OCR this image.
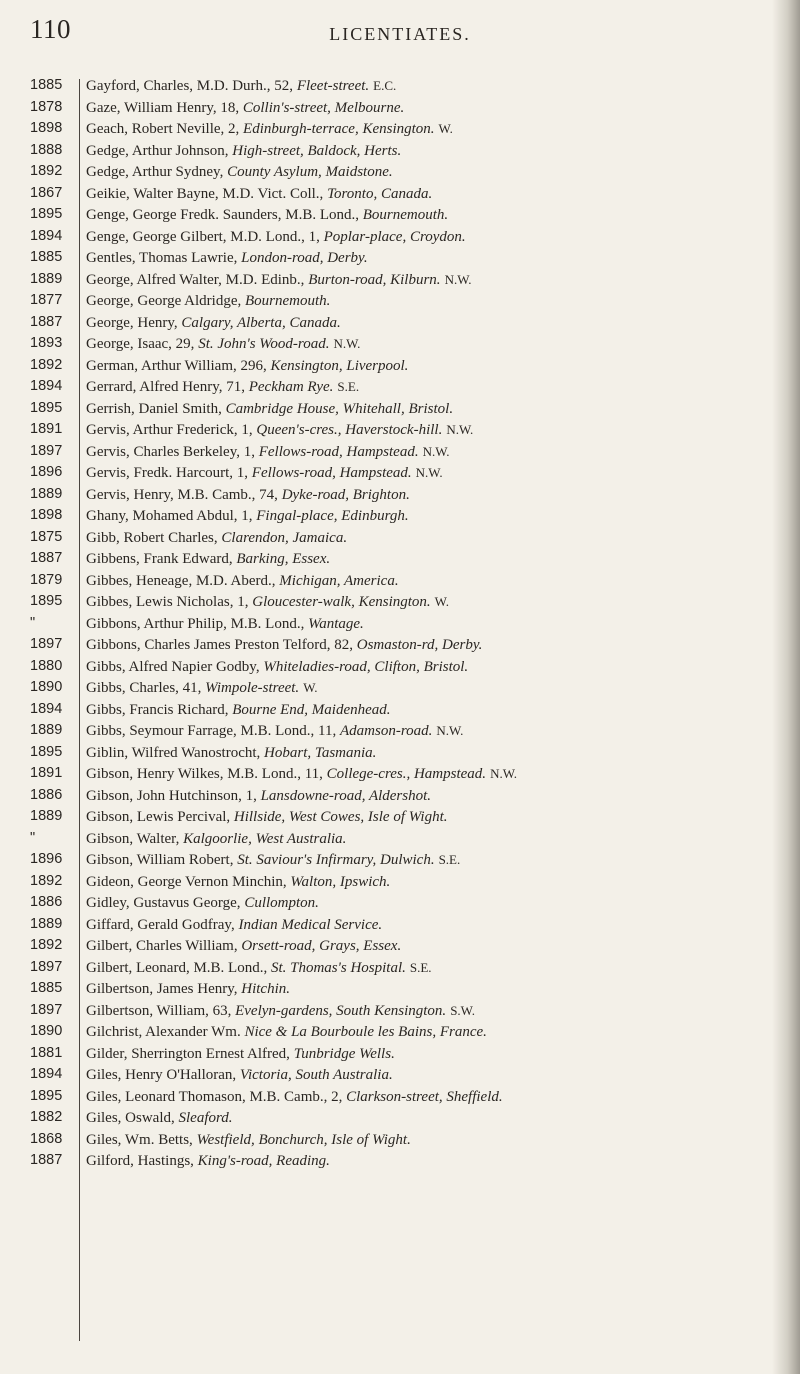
110	LICENTIATES.
1885	Gayford, Charles, M.D. Durh., 52, Fleet-street. E.C.
1878	Gaze, William Henry, 18, Collin's-street, Melbourne.
1898	Geach, Robert Neville, 2, Edinburgh-terrace, Kensington. W.
1888	Gedge, Arthur Johnson, High-street, Baldock, Herts.
1892	Gedge, Arthur Sydney, County Asylum, Maidstone.
1867	Geikie, Walter Bayne, M.D. Vict. Coll., Toronto, Canada.
1895	Genge, George Fredk. Saunders, M.B. Lond., Bournemouth.
1894	Genge, George Gilbert, M.D. Lond., 1, Poplar-place, Croydon.
1885	Gentles, Thomas Lawrie, London-road, Derby.
1889	George, Alfred Walter, M.D. Edinb., Burton-road, Kilburn. N.W.
1877	George, George Aldridge, Bournemouth.
1887	George, Henry, Calgary, Alberta, Canada.
1893	George, Isaac, 29, St. John's Wood-road. N.W.
1892	German, Arthur William, 296, Kensington, Liverpool.
1894	Gerrard, Alfred Henry, 71, Peckham Rye. S.E.
1895	Gerrish, Daniel Smith, Cambridge House, Whitehall, Bristol.
1891	Gervis, Arthur Frederick, 1, Queen's-cres., Haverstock-hill. N.W.
1897	Gervis, Charles Berkeley, 1, Fellows-road, Hampstead. N.W.
1896	Gervis, Fredk. Harcourt, 1, Fellows-road, Hampstead. N.W.
1889	Gervis, Henry, M.B. Camb., 74, Dyke-road, Brighton.
1898	Ghany, Mohamed Abdul, 1, Fingal-place, Edinburgh.
1875	Gibb, Robert Charles, Clarendon, Jamaica.
1887	Gibbens, Frank Edward, Barking, Essex.
1879	Gibbes, Heneage, M.D. Aberd., Michigan, America.
1895	Gibbes, Lewis Nicholas, 1, Gloucester-walk, Kensington. W.
"	Gibbons, Arthur Philip, M.B. Lond., Wantage.
1897	Gibbons, Charles James Preston Telford, 82, Osmaston-rd, Derby.
1880	Gibbs, Alfred Napier Godby, Whiteladies-road, Clifton, Bristol.
1890	Gibbs, Charles, 41, Wimpole-street. W.
1894	Gibbs, Francis Richard, Bourne End, Maidenhead.
1889	Gibbs, Seymour Farrage, M.B. Lond., 11, Adamson-road. N.W.
1895	Giblin, Wilfred Wanostrocht, Hobart, Tasmania.
1891	Gibson, Henry Wilkes, M.B. Lond., 11, College-cres., Hampstead. N.W.
1886	Gibson, John Hutchinson, 1, Lansdowne-road, Aldershot.
1889	Gibson, Lewis Percival, Hillside, West Cowes, Isle of Wight.
"	Gibson, Walter, Kalgoorlie, West Australia.
1896	Gibson, William Robert, St. Saviour's Infirmary, Dulwich. S.E.
1892	Gideon, George Vernon Minchin, Walton, Ipswich.
1886	Gidley, Gustavus George, Cullompton.
1889	Giffard, Gerald Godfray, Indian Medical Service.
1892	Gilbert, Charles William, Orsett-road, Grays, Essex.
1897	Gilbert, Leonard, M.B. Lond., St. Thomas's Hospital. S.E.
1885	Gilbertson, James Henry, Hitchin.
1897	Gilbertson, William, 63, Evelyn-gardens, South Kensington. S.W.
1890	Gilchrist, Alexander Wm. Nice & La Bourboule les Bains, France.
1881	Gilder, Sherrington Ernest Alfred, Tunbridge Wells.
1894	Giles, Henry O'Halloran, Victoria, South Australia.
1895	Giles, Leonard Thomason, M.B. Camb., 2, Clarkson-street, Sheffield.
1882	Giles, Oswald, Sleaford.
1868	Giles, Wm. Betts, Westfield, Bonchurch, Isle of Wight.
1887	Gilford, Hastings, King's-road, Reading.
